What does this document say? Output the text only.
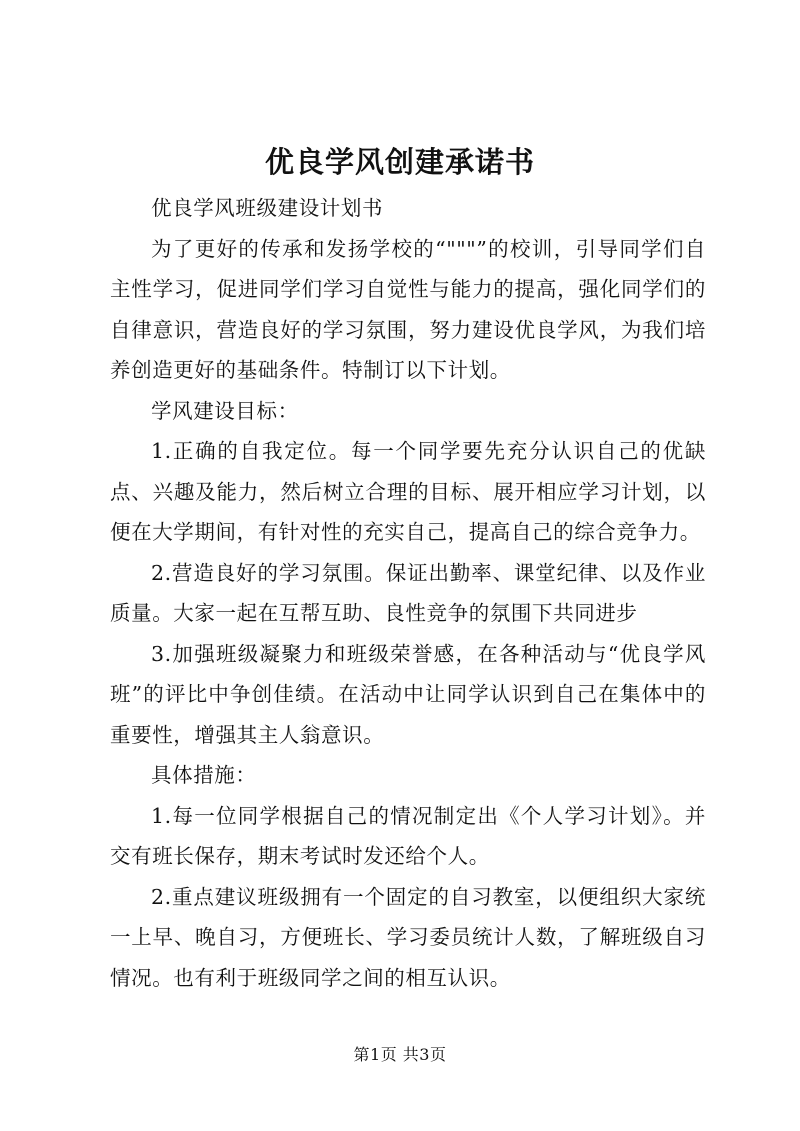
优良学风创建承诺书

优良学风班级建设计划书

为了更好的传承和发扬学校的“"""”的校训，引导同学们自主性学习，促进同学们学习自觉性与能力的提高，强化同学们的自律意识，营造良好的学习氛围，努力建设优良学风，为我们培养创造更好的基础条件。特制订以下计划。

学风建设目标：

1.正确的自我定位。每一个同学要先充分认识自己的优缺点、兴趣及能力，然后树立合理的目标、展开相应学习计划，以便在大学期间，有针对性的充实自己，提高自己的综合竞争力。

2.营造良好的学习氛围。保证出勤率、课堂纪律、以及作业质量。大家一起在互帮互助、良性竞争的氛围下共同进步

3.加强班级凝聚力和班级荣誉感，在各种活动与“优良学风班”的评比中争创佳绩。在活动中让同学认识到自己在集体中的重要性，增强其主人翁意识。

具体措施：

1.每一位同学根据自己的情况制定出《个人学习计划》。并交有班长保存，期末考试时发还给个人。

2.重点建议班级拥有一个固定的自习教室，以便组织大家统一上早、晚自习，方便班长、学习委员统计人数，了解班级自习情况。也有利于班级同学之间的相互认识。

第1页 共3页
